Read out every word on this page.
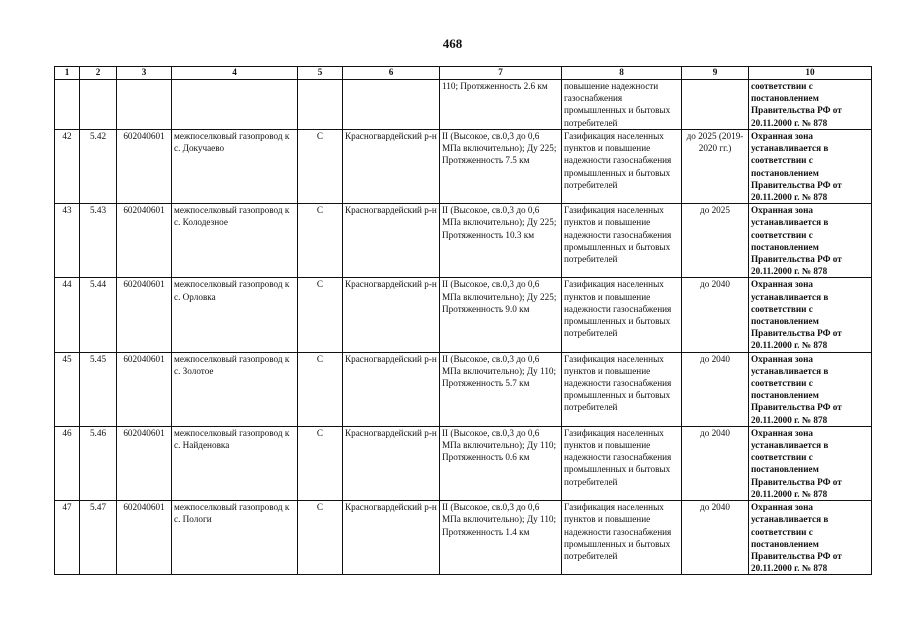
468
1	2	3	4	5	6	7	8	9	10
						110; Протяженность 2.6 км	повышение надежности газоснабжения промышленных и бытовых потребителей		соответствии с постановлением Правительства РФ от 20.11.2000 г. № 878
42	5.42	602040601	межпоселковый газопровод к с. Докучаево	С	Красногвардейский р-н	II (Высокое, св.0,3 до 0,6 МПа включительно); Ду 225; Протяженность 7.5 км	Газификация населенных пунктов и повышение надежности газоснабжения промышленных и бытовых потребителей	до 2025 (2019-2020 гг.)	Охранная зона устанавливается в соответствии с постановлением Правительства РФ от 20.11.2000 г. № 878
43	5.43	602040601	межпоселковый газопровод к с. Колодезное	С	Красногвардейский р-н	II (Высокое, св.0,3 до 0,6 МПа включительно); Ду 225; Протяженность 10.3 км	Газификация населенных пунктов и повышение надежности газоснабжения промышленных и бытовых потребителей	до 2025	Охранная зона устанавливается в соответствии с постановлением Правительства РФ от 20.11.2000 г. № 878
44	5.44	602040601	межпоселковый газопровод к с. Орловка	С	Красногвардейский р-н	II (Высокое, св.0,3 до 0,6 МПа включительно); Ду 225; Протяженность 9.0 км	Газификация населенных пунктов и повышение надежности газоснабжения промышленных и бытовых потребителей	до 2040	Охранная зона устанавливается в соответствии с постановлением Правительства РФ от 20.11.2000 г. № 878
45	5.45	602040601	межпоселковый газопровод к с. Золотое	С	Красногвардейский р-н	II (Высокое, св.0,3 до 0,6 МПа включительно); Ду 110; Протяженность 5.7 км	Газификация населенных пунктов и повышение надежности газоснабжения промышленных и бытовых потребителей	до 2040	Охранная зона устанавливается в соответствии с постановлением Правительства РФ от 20.11.2000 г. № 878
46	5.46	602040601	межпоселковый газопровод к с. Найденовка	С	Красногвардейский р-н	II (Высокое, св.0,3 до 0,6 МПа включительно); Ду 110; Протяженность 0.6 км	Газификация населенных пунктов и повышение надежности газоснабжения промышленных и бытовых потребителей	до 2040	Охранная зона устанавливается в соответствии с постановлением Правительства РФ от 20.11.2000 г. № 878
47	5.47	602040601	межпоселковый газопровод к с. Пологи	С	Красногвардейский р-н	II (Высокое, св.0,3 до 0,6 МПа включительно); Ду 110; Протяженность 1.4 км	Газификация населенных пунктов и повышение надежности газоснабжения промышленных и бытовых потребителей	до 2040	Охранная зона устанавливается в соответствии с постановлением Правительства РФ от 20.11.2000 г. № 878
